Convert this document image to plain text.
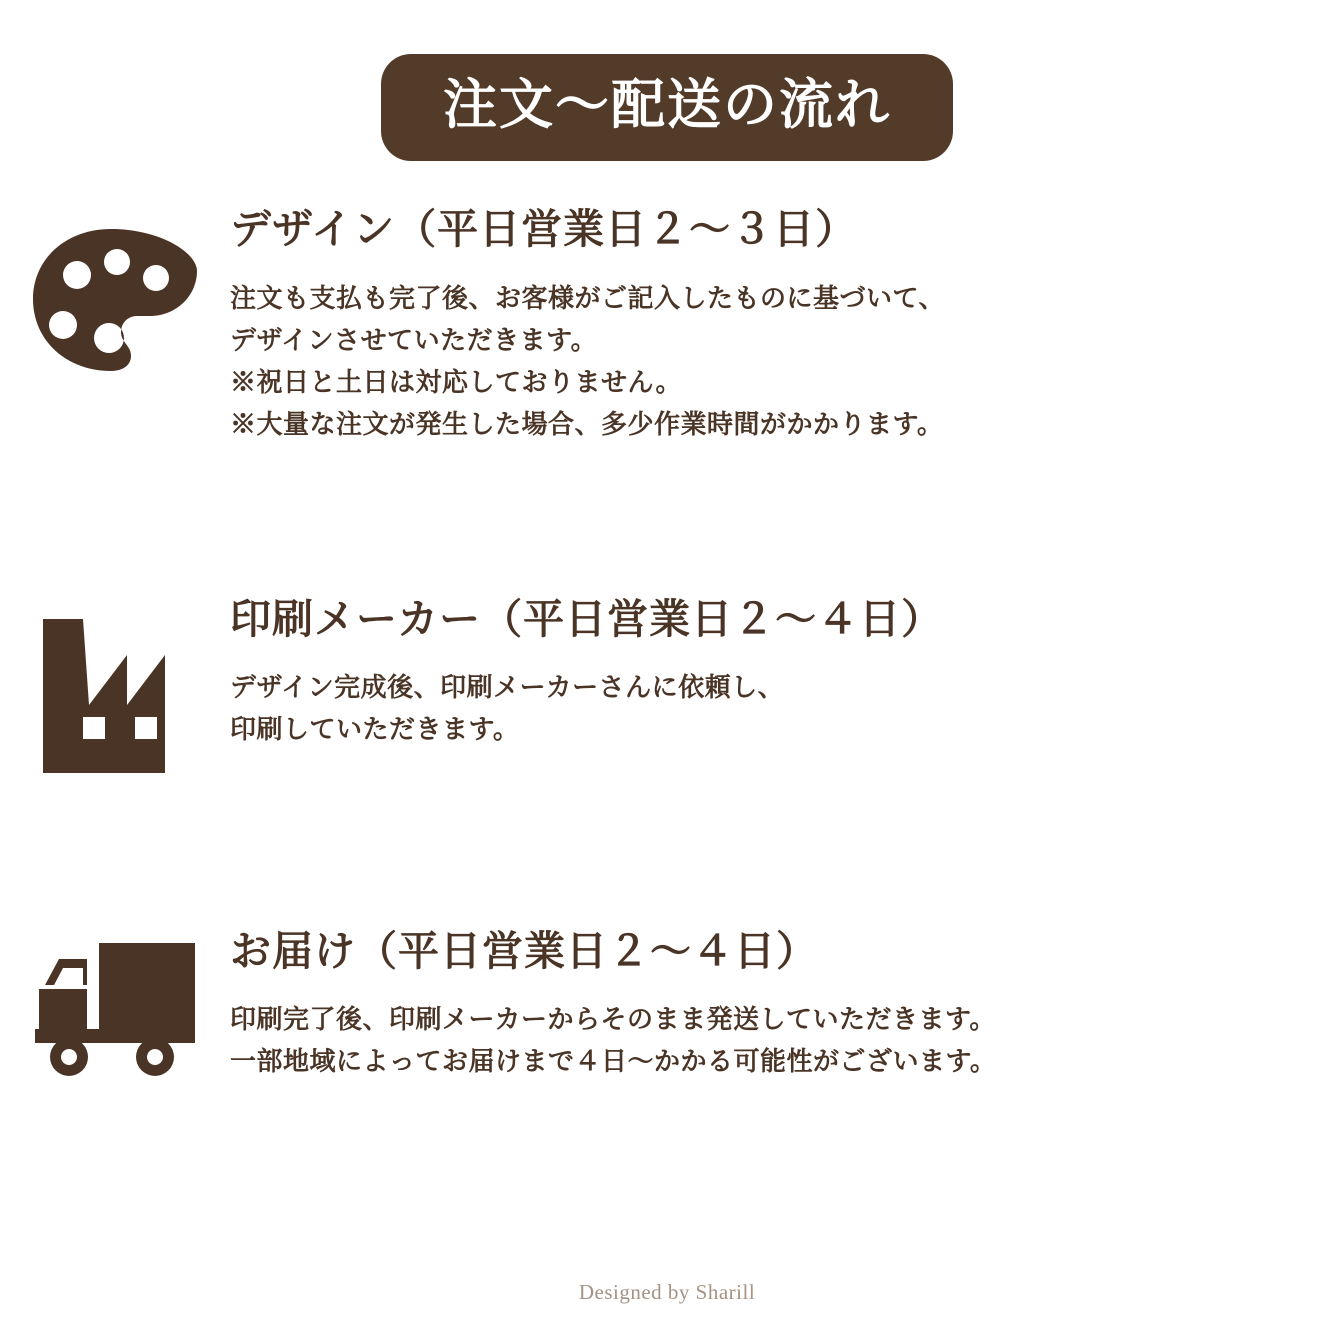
注文〜配送の流れ
デザイン（平日営業日２〜３日）
注文も支払も完了後、お客様がご記入したものに基づいて、
デザインさせていただきます。
※祝日と土日は対応しておりません。
※大量な注文が発生した場合、多少作業時間がかかります。
印刷メーカー（平日営業日２〜４日）
デザイン完成後、印刷メーカーさんに依頼し、
印刷していただきます。
お届け（平日営業日２〜４日）
印刷完了後、印刷メーカーからそのまま発送していただきます。
一部地域によってお届けまで４日〜かかる可能性がございます。
Designed by Sharill
